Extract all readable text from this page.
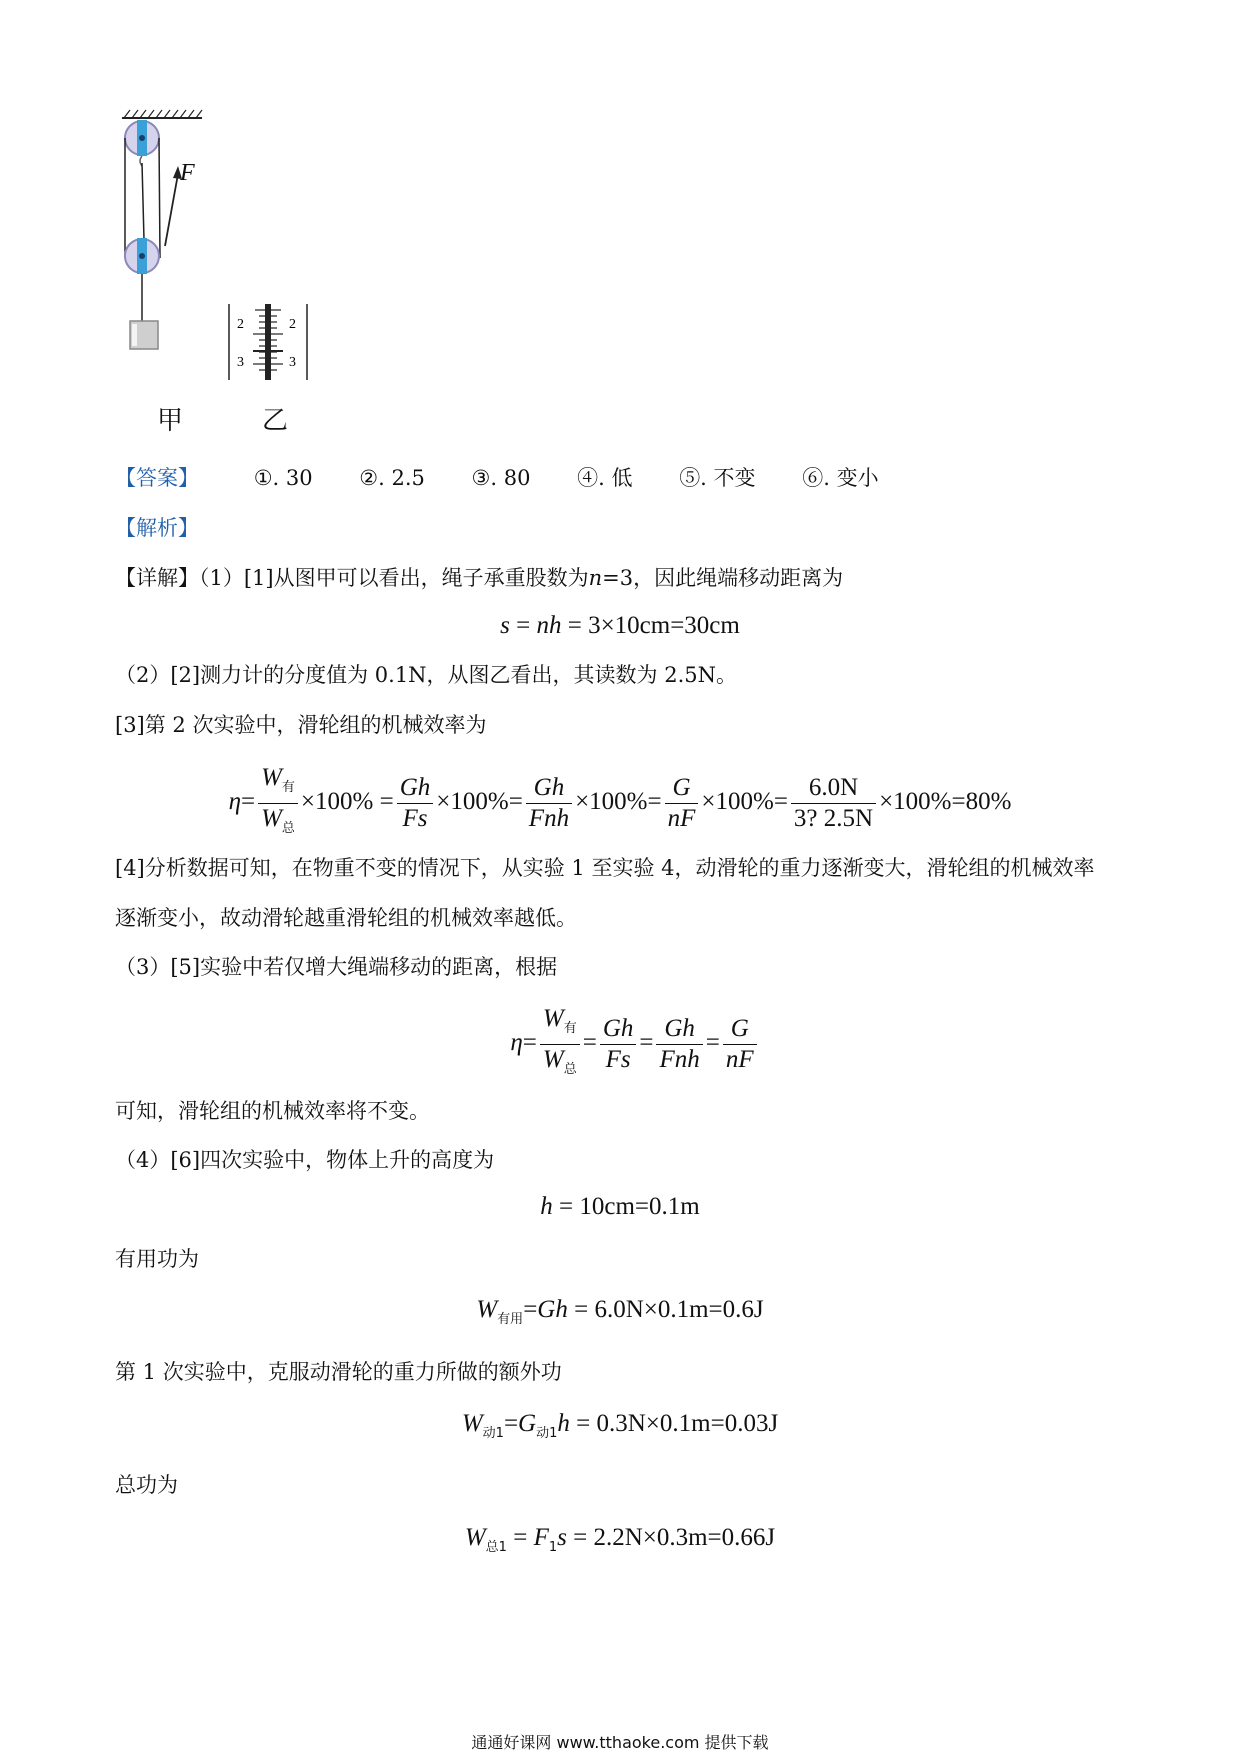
F
2
3
2
3
甲	乙
【答案】	①. 30 ②. 2.5 ③. 80 ④. 低 ⑤. 不变 ⑥. 变小
【解析】
【详解】（1）[1]从图甲可以看出，绳子承重股数为n=3，因此绳端移动距离为
s = nh = 3×10cm=30cm
（2）[2]测力计的分度值为 0.1N，从图乙看出，其读数为 2.5N。
[3]第 2 次实验中，滑轮组的机械效率为
$\eta= \frac{W_有}{W_总} \times 100\% = \frac{Gh}{Fs} \times 100\%= \frac{Gh}{\text{Fnh}} \times 100\%= \frac{G}{nF} \times 100\%= \frac{6.0N}{3? 2.5N} \times 100\%=80\%$
[4]分析数据可知，在物重不变的情况下，从实验 1 至实验 4，动滑轮的重力逐渐变大，滑轮组的机械效率
逐渐变小，故动滑轮越重滑轮组的机械效率越低。
（3）[5]实验中若仅增大绳端移动的距离，根据
$\eta= \frac{W_有}{W_总} = \frac{Gh}{Fs} = \frac{Gh}{\text{Fnh}} = \frac{G}{nF}$
可知，滑轮组的机械效率将不变。
（4）[6]四次实验中，物体上升的高度为
h = 10cm=0.1m
有用功为
$W_{有用}=Gh = 6.0N\times 0.1m=0.6J$
第 1 次实验中，克服动滑轮的重力所做的额外功
$W_{动1}=G_{动1}h = 0.3N\times 0.1m=0.03J$
总功为
$W_{总1} = F_1s = 2.2N\times 0.3m=0.66J$
通通好课网 www.tthaoke.com 提供下载
